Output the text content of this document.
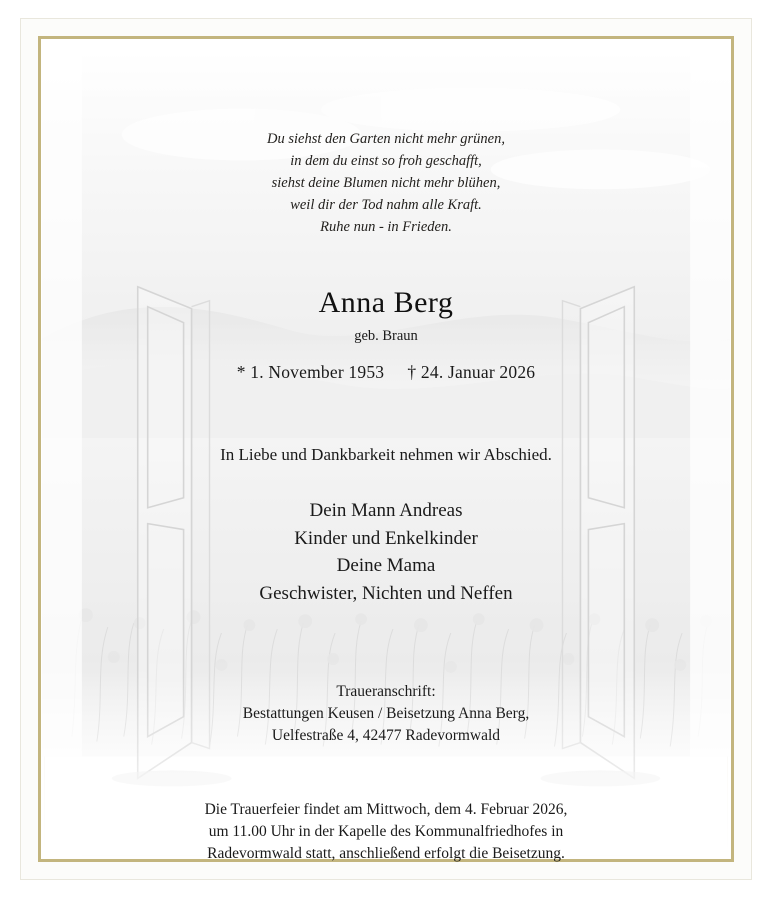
Du siehst den Garten nicht mehr grünen,
in dem du einst so froh geschafft,
siehst deine Blumen nicht mehr blühen,
weil dir der Tod nahm alle Kraft.
Ruhe nun - in Frieden.
Anna Berg
geb. Braun
* 1. November 1953 † 24. Januar 2026
In Liebe und Dankbarkeit nehmen wir Abschied.
Dein Mann Andreas
Kinder und Enkelkinder
Deine Mama
Geschwister, Nichten und Neffen
Traueranschrift:
Bestattungen Keusen / Beisetzung Anna Berg,
Uelfestraße 4, 42477 Radevormwald
Die Trauerfeier findet am Mittwoch, dem 4. Februar 2026,
um 11.00 Uhr in der Kapelle des Kommunalfriedhofes in
Radevormwald statt, anschließend erfolgt die Beisetzung.
